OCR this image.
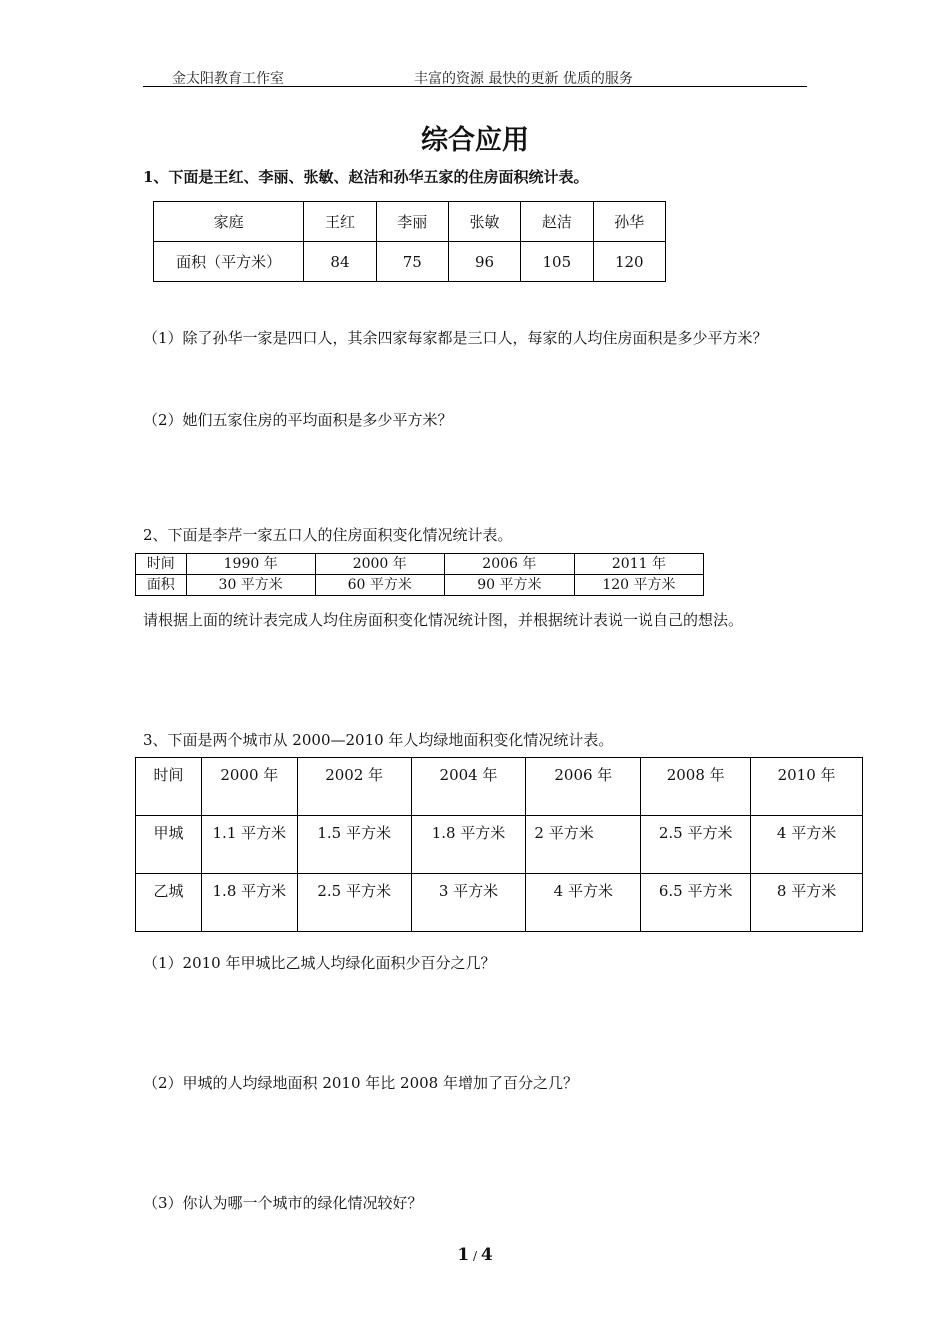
金太阳教育工作室	丰富的资源 最快的更新 优质的服务
综合应用
1、下面是王红、李丽、张敏、赵洁和孙华五家的住房面积统计表。
家庭	王红	李丽	张敏	赵洁	孙华
面积（平方米）	84	75	96	105	120
（1）除了孙华一家是四口人，其余四家每家都是三口人，每家的人均住房面积是多少平方米？
（2）她们五家住房的平均面积是多少平方米？
2、下面是李芹一家五口人的住房面积变化情况统计表。
时间	1990 年	2000 年	2006 年	2011 年
面积	30 平方米	60 平方米	90 平方米	120 平方米
请根据上面的统计表完成人均住房面积变化情况统计图，并根据统计表说一说自己的想法。
3、下面是两个城市从 2000—2010 年人均绿地面积变化情况统计表。
时间	2000 年	2002 年	2004 年	2006 年	2008 年	2010 年
甲城	1.1 平方米	1.5 平方米	1.8 平方米	2 平方米	2.5 平方米	4 平方米
乙城	1.8 平方米	2.5 平方米	3 平方米	4 平方米	6.5 平方米	8 平方米
（1）2010 年甲城比乙城人均绿化面积少百分之几？
（2）甲城的人均绿地面积 2010 年比 2008 年增加了百分之几？
（3）你认为哪一个城市的绿化情况较好？
1 / 4
